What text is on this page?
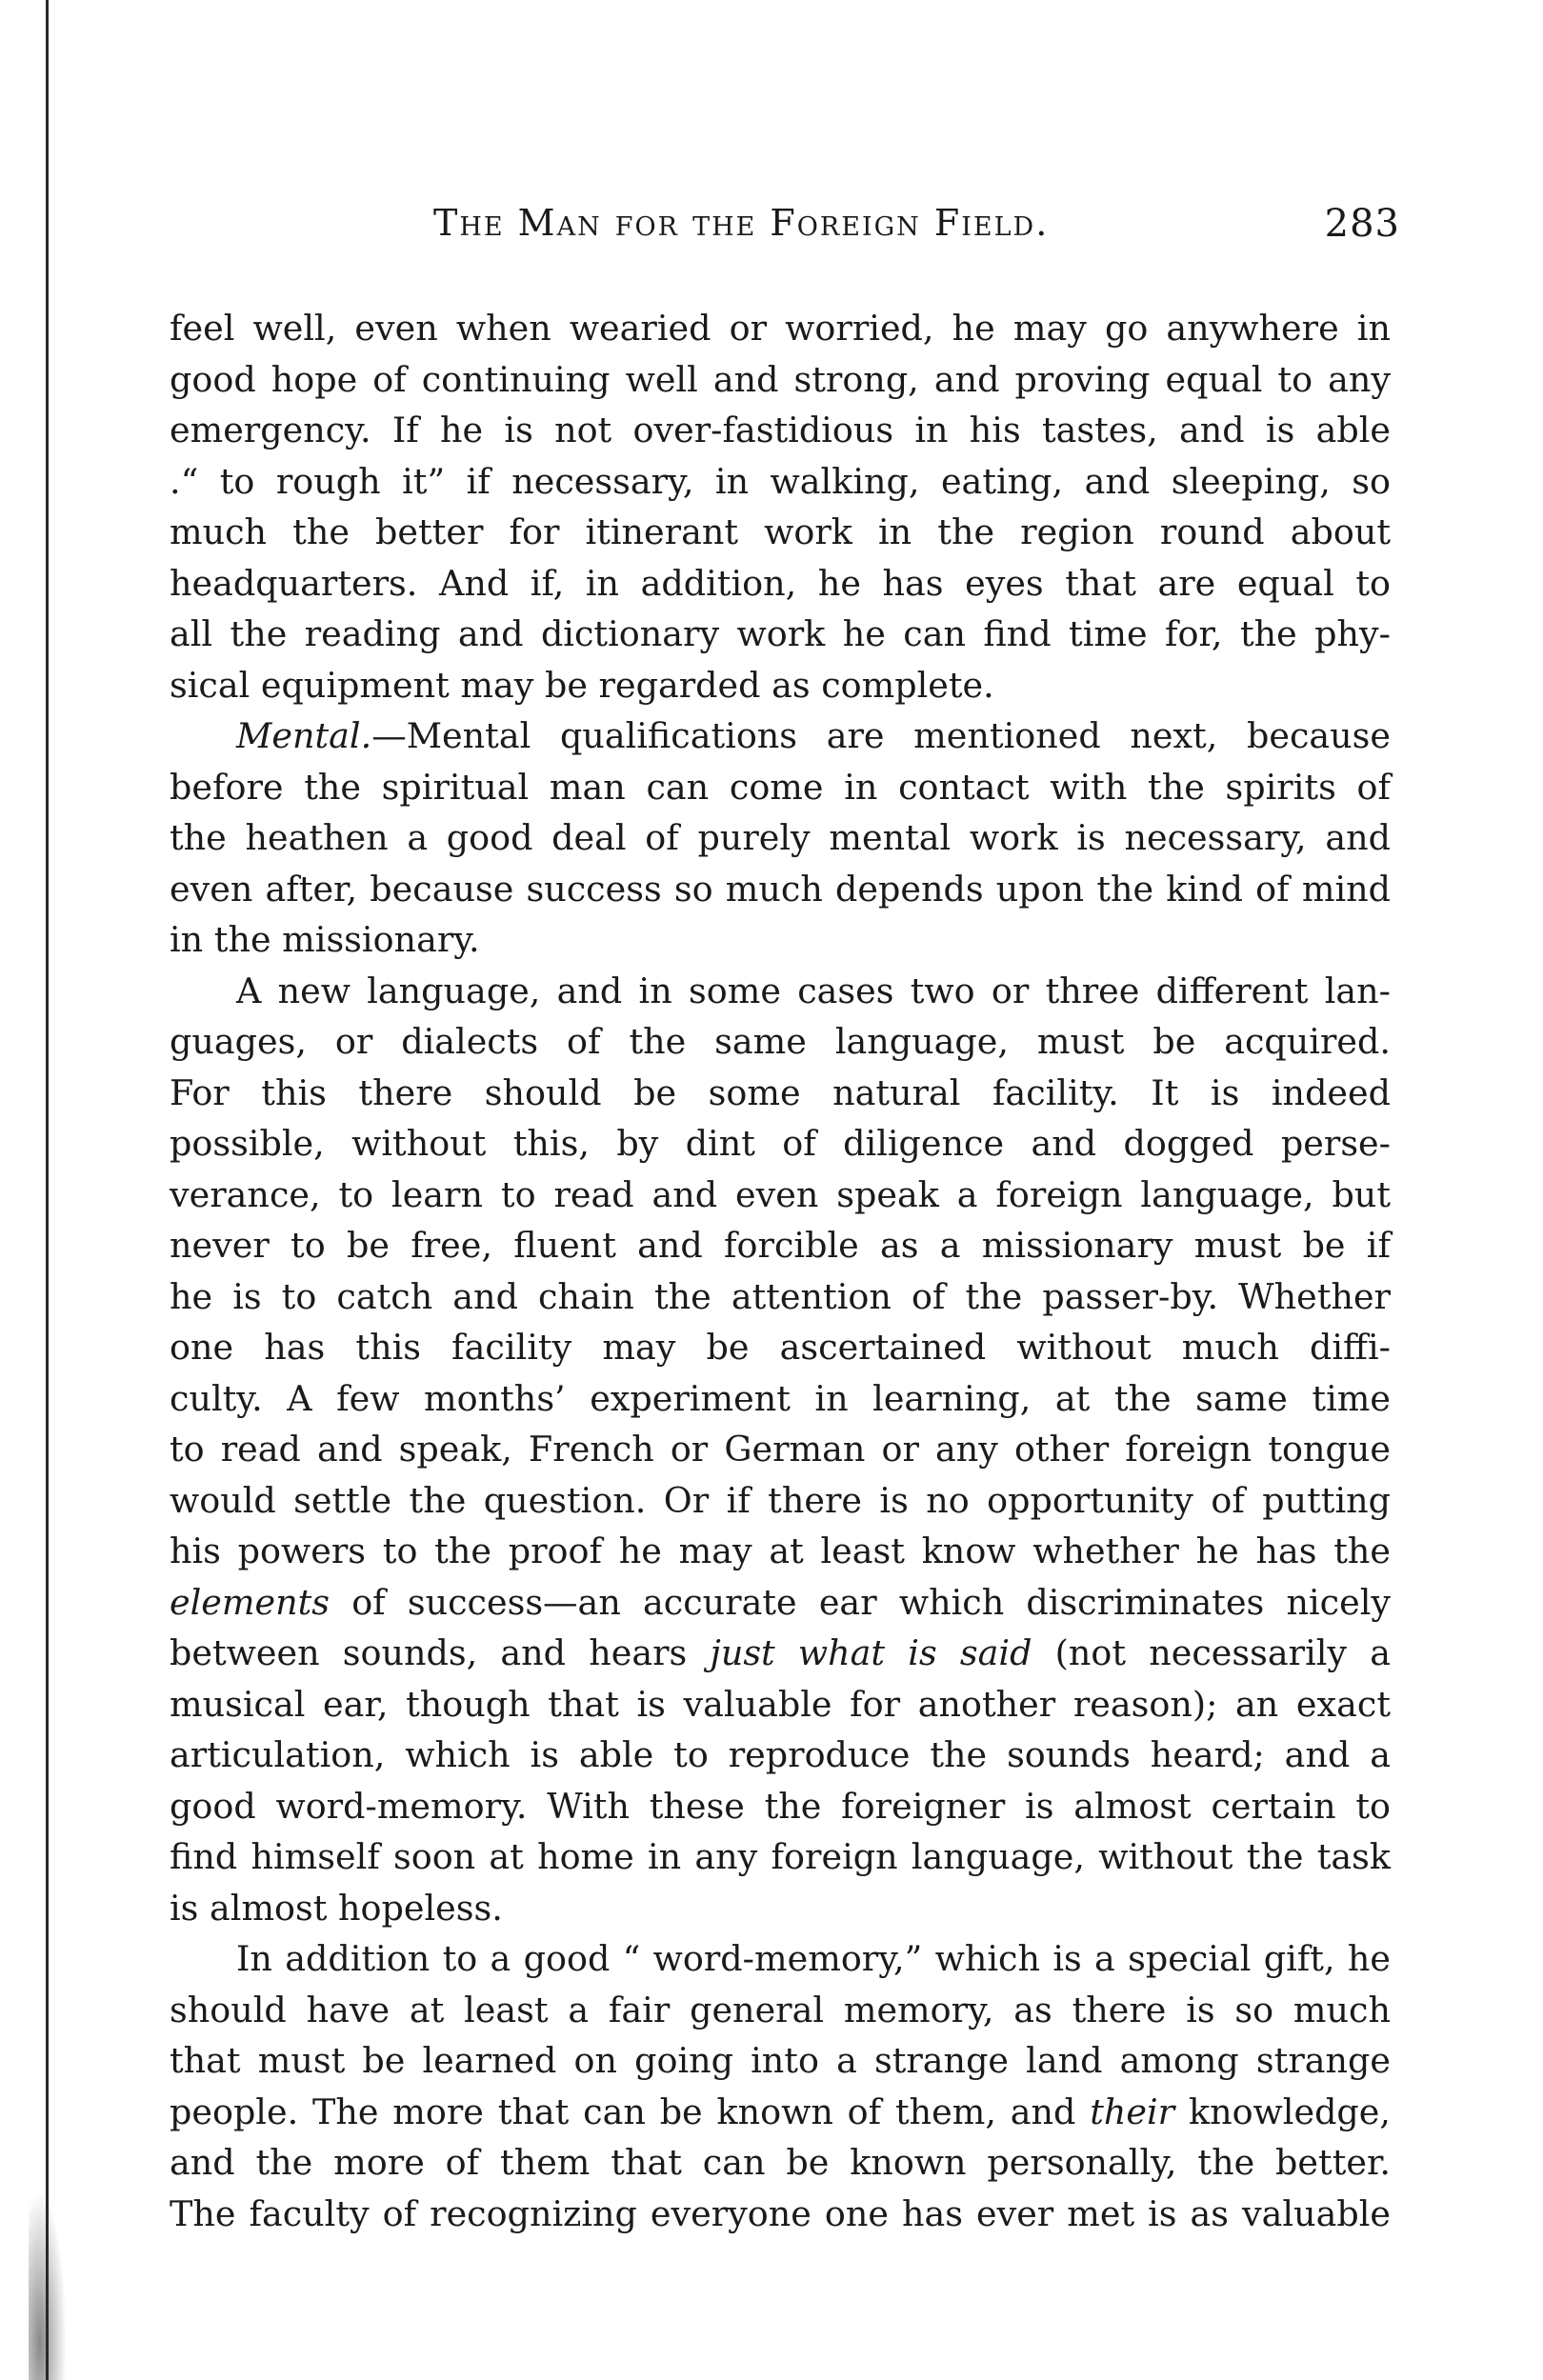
The Man for the Foreign Field.	283
feel well, even when wearied or worried, he may go anywhere in
good hope of continuing well and strong, and proving equal to any
emergency. If he is not over-fastidious in his tastes, and is able
.“ to rough it” if necessary, in walking, eating, and sleeping, so
much the better for itinerant work in the region round about
headquarters. And if, in addition, he has eyes that are equal to
all the reading and dictionary work he can find time for, the phy-
sical equipment may be regarded as complete.
Mental.—Mental qualifications are mentioned next, because
before the spiritual man can come in contact with the spirits of
the heathen a good deal of purely mental work is necessary, and
even after, because success so much depends upon the kind of mind
in the missionary.
A new language, and in some cases two or three different lan-
guages, or dialects of the same language, must be acquired.
For this there should be some natural facility. It is indeed
possible, without this, by dint of diligence and dogged perse-
verance, to learn to read and even speak a foreign language, but
never to be free, fluent and forcible as a missionary must be if
he is to catch and chain the attention of the passer-by. Whether
one has this facility may be ascertained without much diffi-
culty. A few months’ experiment in learning, at the same time
to read and speak, French or German or any other foreign tongue
would settle the question. Or if there is no opportunity of putting
his powers to the proof he may at least know whether he has the
elements of success—an accurate ear which discriminates nicely
between sounds, and hears just what is said (not necessarily a
musical ear, though that is valuable for another reason); an exact
articulation, which is able to reproduce the sounds heard; and a
good word-memory. With these the foreigner is almost certain to
find himself soon at home in any foreign language, without the task
is almost hopeless.
In addition to a good “ word-memory,” which is a special gift, he
should have at least a fair general memory, as there is so much
that must be learned on going into a strange land among strange
people. The more that can be known of them, and their knowledge,
and the more of them that can be known personally, the better.
The faculty of recognizing everyone one has ever met is as valuable
